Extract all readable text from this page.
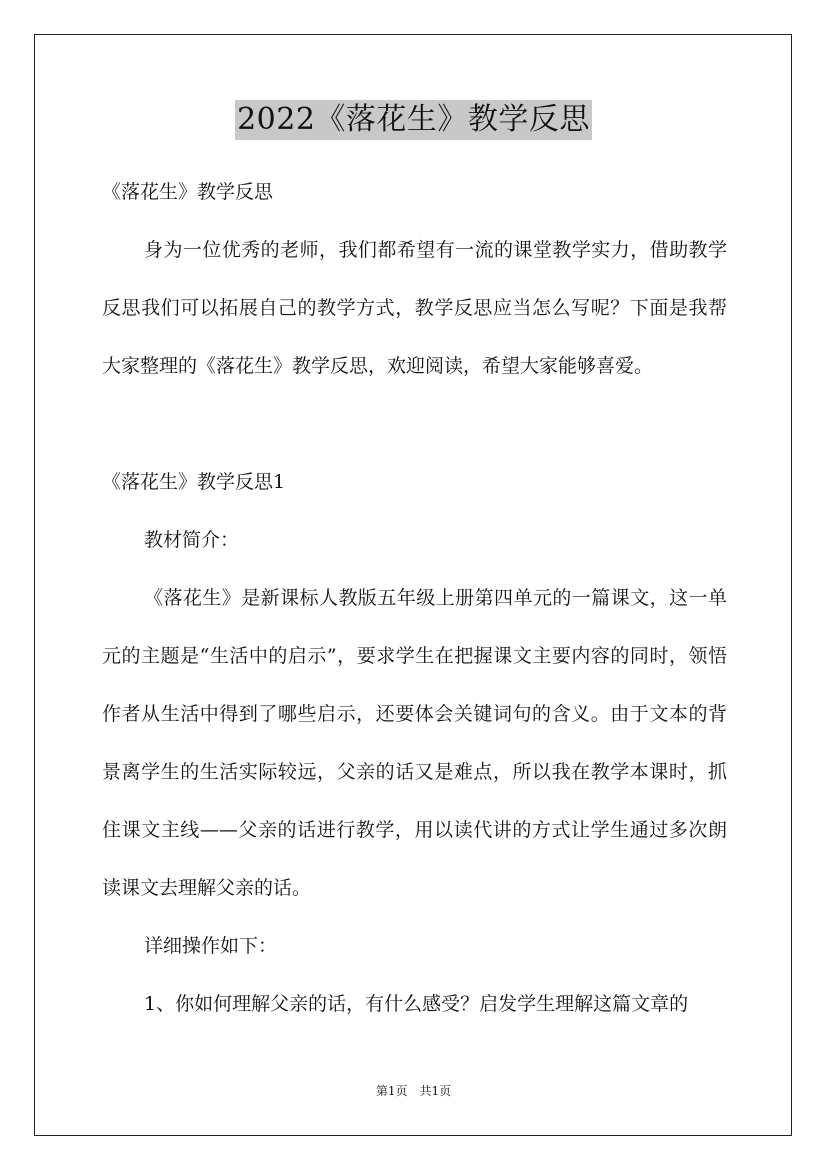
2022《落花生》教学反思

《落花生》教学反思

身为一位优秀的老师，我们都希望有一流的课堂教学实力，借助教学反思我们可以拓展自己的教学方式，教学反思应当怎么写呢？下面是我帮大家整理的《落花生》教学反思，欢迎阅读，希望大家能够喜爱。

《落花生》教学反思1

教材简介：

《落花生》是新课标人教版五年级上册第四单元的一篇课文，这一单元的主题是“生活中的启示”，要求学生在把握课文主要内容的同时，领悟作者从生活中得到了哪些启示，还要体会关键词句的含义。由于文本的背景离学生的生活实际较远，父亲的话又是难点，所以我在教学本课时，抓住课文主线——父亲的话进行教学，用以读代讲的方式让学生通过多次朗读课文去理解父亲的话。

详细操作如下：

1、你如何理解父亲的话，有什么感受？启发学生理解这篇文章的

第1页　共1页
